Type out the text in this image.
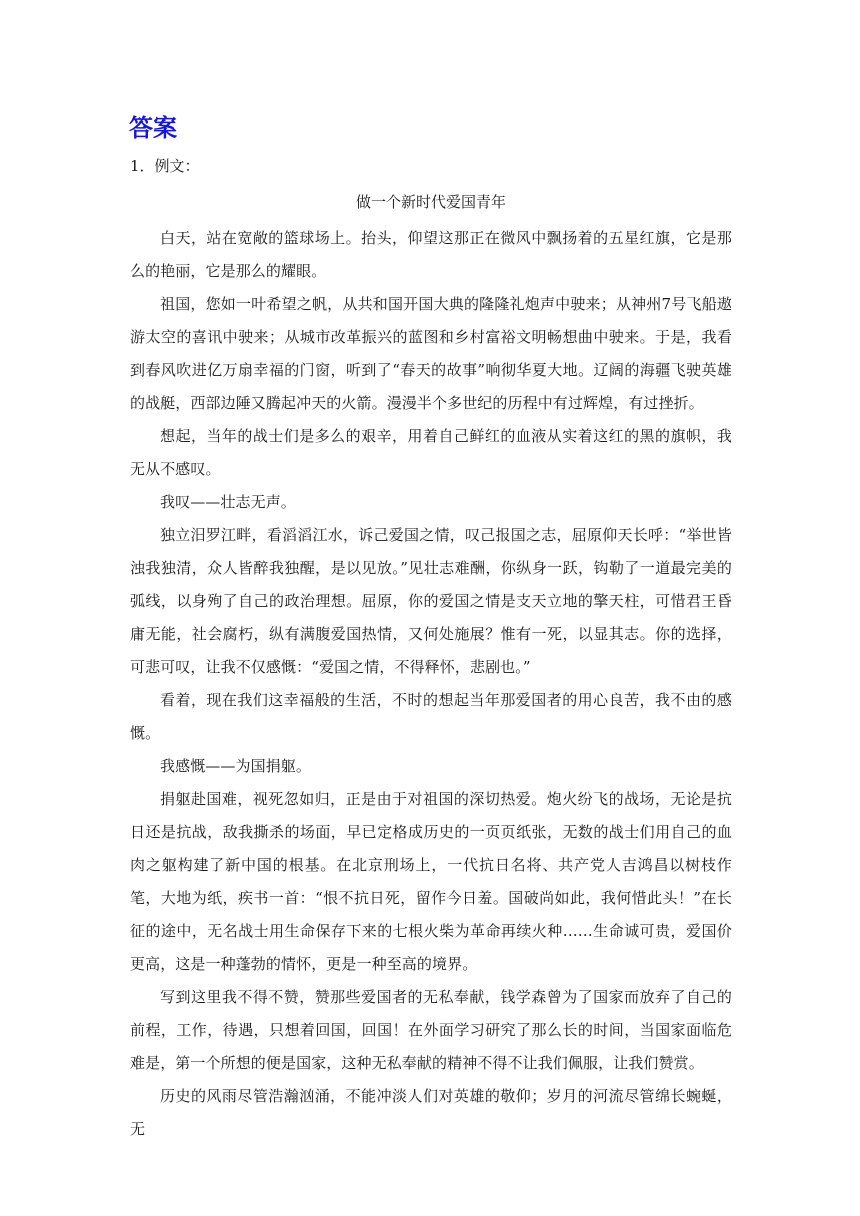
答案

1．例文：

做一个新时代爱国青年

白天，站在宽敞的篮球场上。抬头，仰望这那正在微风中飘扬着的五星红旗，它是那么的艳丽，它是那么的耀眼。

祖国，您如一叶希望之帆，从共和国开国大典的隆隆礼炮声中驶来；从神州7号飞船遨游太空的喜讯中驶来；从城市改革振兴的蓝图和乡村富裕文明畅想曲中驶来。于是，我看到春风吹进亿万扇幸福的门窗，听到了“春天的故事”响彻华夏大地。辽阔的海疆飞驶英雄的战艇，西部边陲又腾起冲天的火箭。漫漫半个多世纪的历程中有过辉煌，有过挫折。

想起，当年的战士们是多么的艰辛，用着自己鲜红的血液从实着这红的黑的旗帜，我无从不感叹。

我叹——壮志无声。

独立汨罗江畔，看滔滔江水，诉己爱国之情，叹己报国之志，屈原仰天长呼：“举世皆浊我独清，众人皆醉我独醒，是以见放。”见壮志难酬，你纵身一跃，钩勒了一道最完美的弧线，以身殉了自己的政治理想。屈原，你的爱国之情是支天立地的擎天柱，可惜君王昏庸无能，社会腐朽，纵有满腹爱国热情，又何处施展？惟有一死，以显其志。你的选择，可悲可叹，让我不仅感慨：“爱国之情，不得释怀，悲剧也。”

看着，现在我们这幸福般的生活，不时的想起当年那爱国者的用心良苦，我不由的感慨。

我感慨——为国捐躯。

捐躯赴国难，视死忽如归，正是由于对祖国的深切热爱。炮火纷飞的战场，无论是抗日还是抗战，敌我撕杀的场面，早已定格成历史的一页页纸张，无数的战士们用自己的血肉之躯构建了新中国的根基。在北京刑场上，一代抗日名将、共产党人吉鸿昌以树枝作笔，大地为纸，疾书一首：“恨不抗日死，留作今日羞。国破尚如此，我何惜此头！”在长征的途中，无名战士用生命保存下来的七根火柴为革命再续火种……生命诚可贵，爱国价更高，这是一种蓬勃的情怀，更是一种至高的境界。

写到这里我不得不赞，赞那些爱国者的无私奉献，钱学森曾为了国家而放弃了自己的前程，工作，待遇，只想着回国，回国！在外面学习研究了那么长的时间，当国家面临危难是，第一个所想的便是国家，这种无私奉献的精神不得不让我们佩服，让我们赞赏。

历史的风雨尽管浩瀚汹涌，不能冲淡人们对英雄的敬仰；岁月的河流尽管绵长蜿蜒，无
